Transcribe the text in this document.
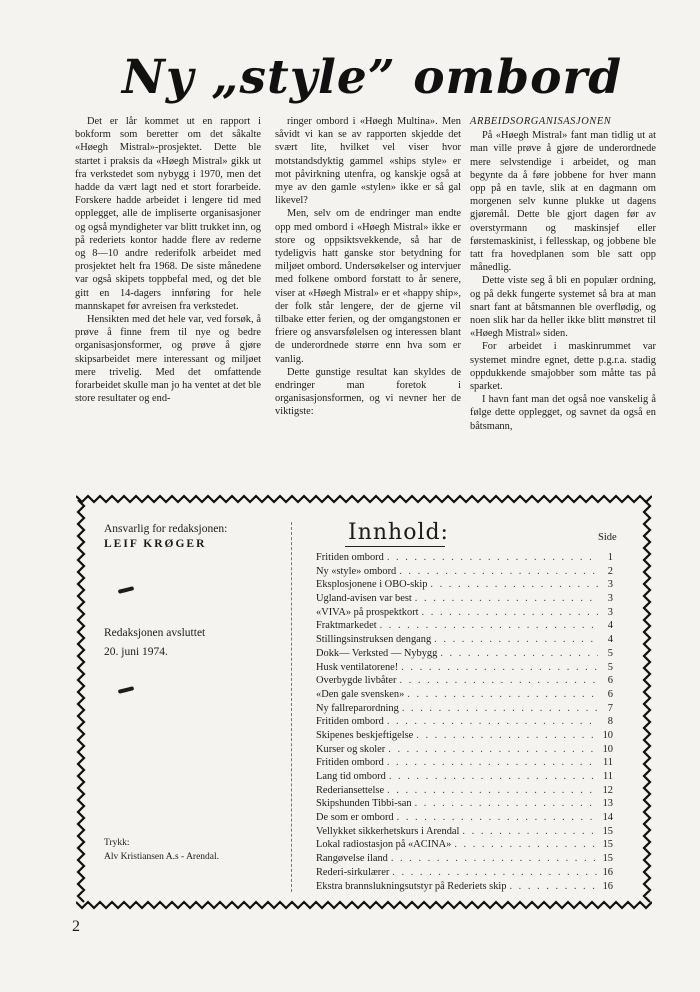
Ny „style” ombord

Det er lår kommet ut en rapport i bokform som beretter om det såkalte «Høegh Mistral»-prosjektet. Dette ble startet i praksis da «Høegh Mistral» gikk ut fra verkstedet som nybygg i 1970, men det hadde da vært lagt ned et stort forarbeide. Forskere hadde arbeidet i lengere tid med opplegget, alle de impliserte organisasjoner og også myndigheter var blitt trukket inn, og på rederiets kontor hadde flere av rederne og 8—10 andre rederifolk arbeidet med prosjektet helt fra 1968. De siste månedene var også skipets toppbefal med, og det ble gitt en 14-dagers innføring for hele mannskapet før avreisen fra verkstedet.

Hensikten med det hele var, ved forsøk, å prøve å finne frem til nye og bedre organisasjonsformer, og prøve å gjøre skipsarbeidet mere interessant og miljøet mere trivelig. Med det omfattende forarbeidet skulle man jo ha ventet at det ble store resultater og end-

ringer ombord i «Høegh Multina». Men såvidt vi kan se av rapporten skjedde det svært lite, hvilket vel viser hvor motstandsdyktig gammel «ships style» er mot påvirkning utenfra, og kanskje også at mye av den gamle «stylen» ikke er så gal likevel?

Men, selv om de endringer man endte opp med ombord i «Høegh Mistral» ikke er store og oppsiktsvekkende, så har de tydeligvis hatt ganske stor betydning for miljøet ombord. Undersøkelser og intervjuer med folkene ombord forstatt to år senere, viser at «Høegh Mistral» er et «happy ship», der folk står lengere, der de gjerne vil tilbake etter ferien, og der omgangstonen er friere og ansvarsfølelsen og interessen blant de underordnede større enn hva som er vanlig.

Dette gunstige resultat kan skyldes de endringer man foretok i organisasjonsformen, og vi nevner her de viktigste:

ARBEIDSORGANISASJONEN

På «Høegh Mistral» fant man tidlig ut at man ville prøve å gjøre de underordnede mere selvstendige i arbeidet, og man begynte da å føre jobbene for hver mann opp på en tavle, slik at en dagmann om morgenen selv kunne plukke ut dagens gjøremål. Dette ble gjort dagen før av overstyrmann og maskinsjef eller førstemaskinist, i fellesskap, og jobbene ble tatt fra hovedplanen som ble satt opp månedlig.

Dette viste seg å bli en populær ordning, og på dekk fungerte systemet så bra at man snart fant at båtsmannen ble overflødig, og noen slik har da heller ikke blitt mønstret til «Høegh Mistral» siden.

For arbeidet i maskinrummet var systemet mindre egnet, dette p.g.r.a. stadig oppdukkende smajobber som måtte tas på sparket.

I havn fant man det også noe vanskelig å følge dette opplegget, og savnet da også en båtsmann,

Ansvarlig for redaksjonen:

LEIF KRØGER

Redaksjonen avsluttet

20. juni 1974.

Trykk:

Alv Kristiansen A.s - Arendal.

Innhold:	Side
Fritiden ombord . . .	1
Ny «style» ombord . . .	2
Eksplosjonene i OBO-skip . . .	3
Ugland-avisen var best . . .	3
«VIVA» på prospektkort . . .	3
Fraktmarkedet . . .	4
Stillingsinstruksen dengang . . .	4
Dokk— Verksted — Nybygg . . .	5
Husk ventilatorene! . . .	5
Overbygde livbåter . . .	6
«Den gale svensken» . . .	6
Ny fallreparordning . . .	7
Fritiden ombord . . .	8
Skipenes beskjeftigelse . . .	10
Kurser og skoler . . .	10
Fritiden ombord . . .	11
Lang tid ombord . . .	11
Rederiansettelse . . .	12
Skipshunden Tibbi-san . . .	13
De som er ombord . . .	14
Vellykket sikkerhetskurs i Arendal . . .	15
Lokal radiostasjon på «ACINA» . . .	15
Rangøvelse iland . . .	15
Rederi-sirkulærer . . .	16
Ekstra brannslukningsutstyr på Rederiets skip . . .	16
2
